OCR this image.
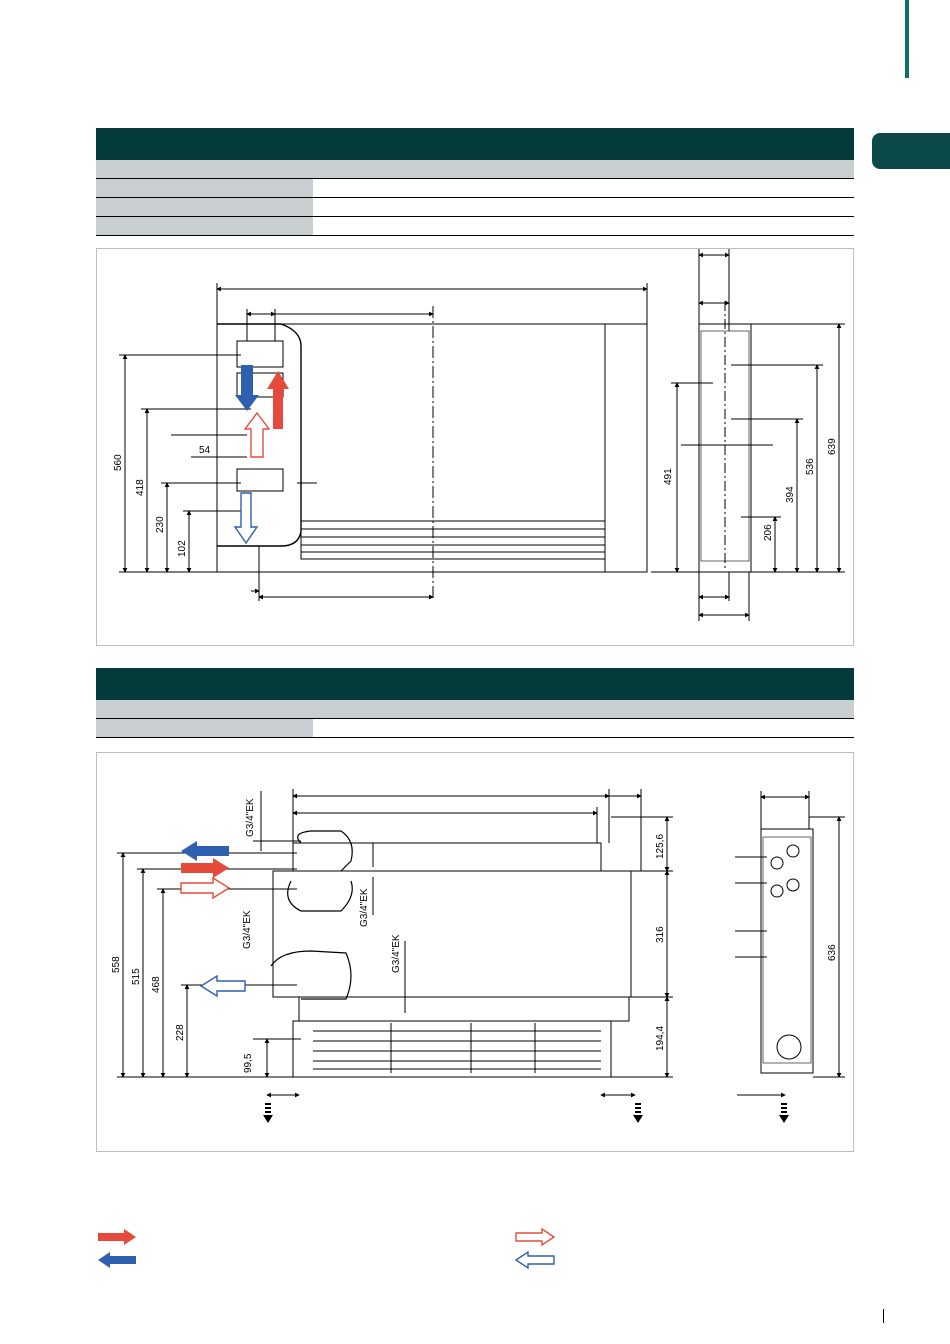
560
418
230
102
54
491
536
639
394
206

G3/4"EK
G3/4"EK
G3/4"EK
G3/4"EK
558
515 468
228
99,5
125,6
316
194,4
636
